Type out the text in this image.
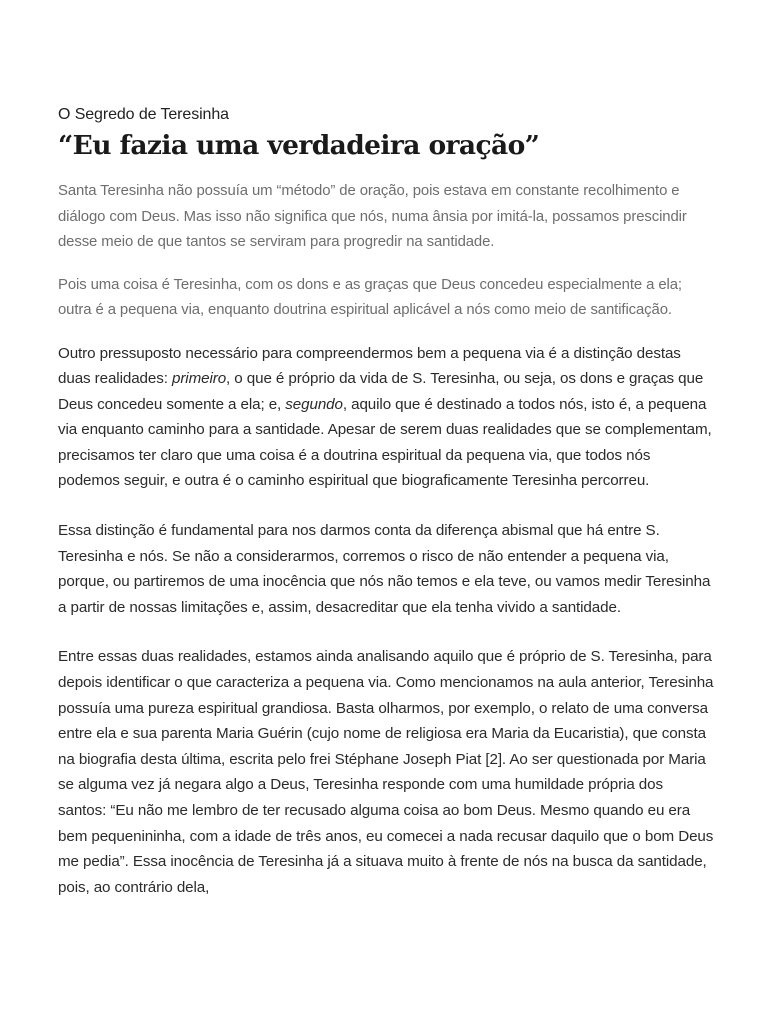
O Segredo de Teresinha

“Eu fazia uma verdadeira oração”

Santa Teresinha não possuía um “método” de oração, pois estava em constante recolhimento e diálogo com Deus. Mas isso não significa que nós, numa ânsia por imitá-la, possamos prescindir desse meio de que tantos se serviram para progredir na santidade.

Pois uma coisa é Teresinha, com os dons e as graças que Deus concedeu especialmente a ela; outra é a pequena via, enquanto doutrina espiritual aplicável a nós como meio de santificação.

Outro pressuposto necessário para compreendermos bem a pequena via é a distinção destas duas realidades: primeiro, o que é próprio da vida de S. Teresinha, ou seja, os dons e graças que Deus concedeu somente a ela; e, segundo, aquilo que é destinado a todos nós, isto é, a pequena via enquanto caminho para a santidade. Apesar de serem duas realidades que se complementam, precisamos ter claro que uma coisa é a doutrina espiritual da pequena via, que todos nós podemos seguir, e outra é o caminho espiritual que biograficamente Teresinha percorreu.

Essa distinção é fundamental para nos darmos conta da diferença abismal que há entre S. Teresinha e nós. Se não a considerarmos, corremos o risco de não entender a pequena via, porque, ou partiremos de uma inocência que nós não temos e ela teve, ou vamos medir Teresinha a partir de nossas limitações e, assim, desacreditar que ela tenha vivido a santidade.

Entre essas duas realidades, estamos ainda analisando aquilo que é próprio de S. Teresinha, para depois identificar o que caracteriza a pequena via. Como mencionamos na aula anterior, Teresinha possuía uma pureza espiritual grandiosa. Basta olharmos, por exemplo, o relato de uma conversa entre ela e sua parenta Maria Guérin (cujo nome de religiosa era Maria da Eucaristia), que consta na biografia desta última, escrita pelo frei Stéphane Joseph Piat [2]. Ao ser questionada por Maria se alguma vez já negara algo a Deus, Teresinha responde com uma humildade própria dos santos: “Eu não me lembro de ter recusado alguma coisa ao bom Deus. Mesmo quando eu era bem pequenininha, com a idade de três anos, eu comecei a nada recusar daquilo que o bom Deus me pedia”. Essa inocência de Teresinha já a situava muito à frente de nós na busca da santidade, pois, ao contrário dela,
